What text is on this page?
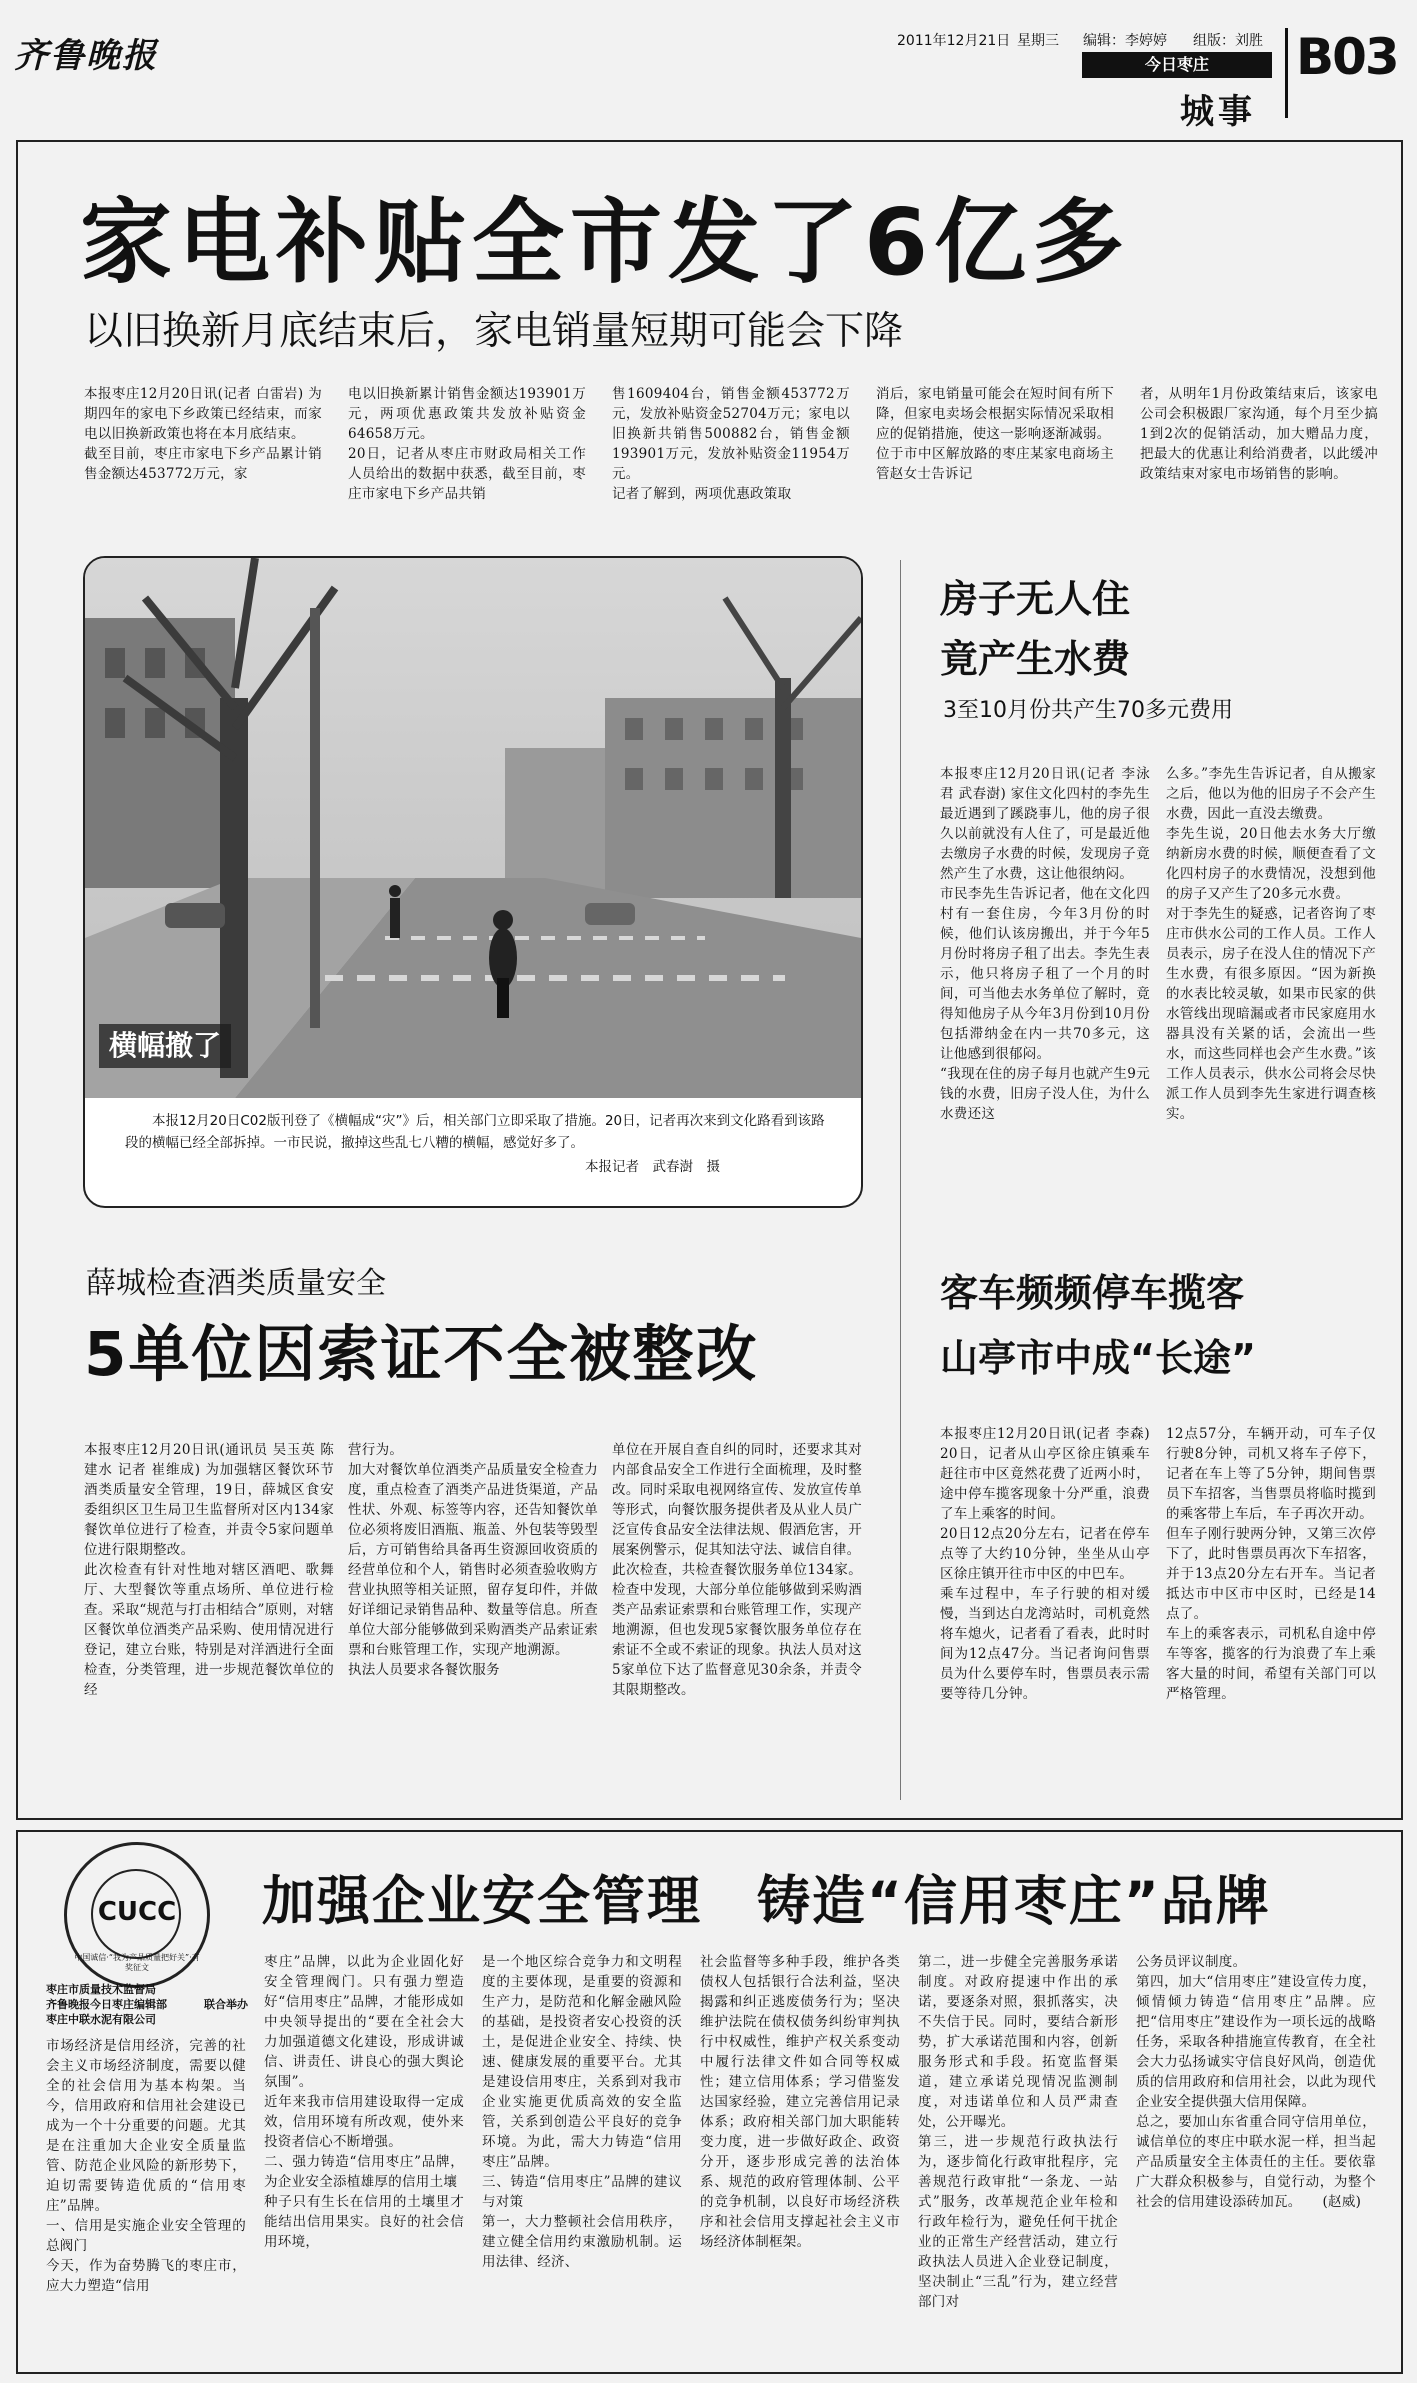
齐鲁晚报	2011年12月21日 星期三 编辑：李婷婷 组版：刘胜
今日枣庄
城事
B03
家电补贴全市发了6亿多
以旧换新月底结束后，家电销量短期可能会下降
本报枣庄12月20日讯(记者 白雷岩) 为期四年的家电下乡政策已经结束，而家电以旧换新政策也将在本月底结束。
截至目前，枣庄市家电下乡产品累计销售金额达453772万元，家
电以旧换新累计销售金额达193901万元，两项优惠政策共发放补贴资金64658万元。
20日，记者从枣庄市财政局相关工作人员给出的数据中获悉，截至目前，枣庄市家电下乡产品共销
售1609404台，销售金额453772万元，发放补贴资金52704万元；家电以旧换新共销售500882台，销售金额193901万元，发放补贴资金11954万元。
记者了解到，两项优惠政策取
消后，家电销量可能会在短时间有所下降，但家电卖场会根据实际情况采取相应的促销措施，使这一影响逐渐减弱。
位于市中区解放路的枣庄某家电商场主管赵女士告诉记
者，从明年1月份政策结束后，该家电公司会积极跟厂家沟通，每个月至少搞1到2次的促销活动，加大赠品力度，把最大的优惠让利给消费者，以此缓冲政策结束对家电市场销售的影响。
横幅撤了
本报12月20日C02版刊登了《横幅成“灾”》后，相关部门立即采取了措施。20日，记者再次来到文化路看到该路段的横幅已经全部拆掉。一市民说，撤掉这些乱七八糟的横幅，感觉好多了。
本报记者　武春澍　摄
薛城检查酒类质量安全
5单位因索证不全被整改
本报枣庄12月20日讯(通讯员 吴玉英 陈建水 记者 崔维成) 为加强辖区餐饮环节酒类质量安全管理，19日，薛城区食安委组织区卫生局卫生监督所对区内134家餐饮单位进行了检查，并责令5家问题单位进行限期整改。
此次检查有针对性地对辖区酒吧、歌舞厅、大型餐饮等重点场所、单位进行检查。采取“规范与打击相结合”原则，对辖区餐饮单位酒类产品采购、使用情况进行登记，建立台账，特别是对洋酒进行全面检查，分类管理，进一步规范餐饮单位的经
营行为。
加大对餐饮单位酒类产品质量安全检查力度，重点检查了酒类产品进货渠道，产品性状、外观、标签等内容，还告知餐饮单位必须将废旧酒瓶、瓶盖、外包装等毁型后，方可销售给具备再生资源回收资质的经营单位和个人，销售时必须查验收购方营业执照等相关证照，留存复印件，并做好详细记录销售品种、数量等信息。所查单位大部分能够做到采购酒类产品索证索票和台账管理工作，实现产地溯源。
执法人员要求各餐饮服务
单位在开展自查自纠的同时，还要求其对内部食品安全工作进行全面梳理，及时整改。同时采取电视网络宣传、发放宣传单等形式，向餐饮服务提供者及从业人员广泛宣传食品安全法律法规、假酒危害，开展案例警示，促其知法守法、诚信自律。
此次检查，共检查餐饮服务单位134家。检查中发现，大部分单位能够做到采购酒类产品索证索票和台账管理工作，实现产地溯源，但也发现5家餐饮服务单位存在索证不全或不索证的现象。执法人员对这5家单位下达了监督意见30余条，并责令其限期整改。
房子无人住
竟产生水费
3至10月份共产生70多元费用
本报枣庄12月20日讯(记者 李泳君 武春澍) 家住文化四村的李先生最近遇到了蹊跷事儿，他的房子很久以前就没有人住了，可是最近他去缴房子水费的时候，发现房子竟然产生了水费，这让他很纳闷。
市民李先生告诉记者，他在文化四村有一套住房，今年3月份的时候，他们认该房搬出，并于今年5月份时将房子租了出去。李先生表示，他只将房子租了一个月的时间，可当他去水务单位了解时，竟得知他房子从今年3月份到10月份包括滞纳金在内一共70多元，这让他感到很郁闷。
“我现在住的房子每月也就产生9元钱的水费，旧房子没人住，为什么水费还这
么多。”李先生告诉记者，自从搬家之后，他以为他的旧房子不会产生水费，因此一直没去缴费。
李先生说，20日他去水务大厅缴纳新房水费的时候，顺便查看了文化四村房子的水费情况，没想到他的房子又产生了20多元水费。
对于李先生的疑惑，记者咨询了枣庄市供水公司的工作人员。工作人员表示，房子在没人住的情况下产生水费，有很多原因。“因为新换的水表比较灵敏，如果市民家的供水管线出现暗漏或者市民家庭用水器具没有关紧的话，会流出一些水，而这些同样也会产生水费。”该工作人员表示，供水公司将会尽快派工作人员到李先生家进行调查核实。
客车频频停车揽客
山亭市中成“长途”
本报枣庄12月20日讯(记者 李森) 20日，记者从山亭区徐庄镇乘车赶往市中区竟然花费了近两小时，途中停车揽客现象十分严重，浪费了车上乘客的时间。
20日12点20分左右，记者在停车点等了大约10分钟，坐坐从山亭区徐庄镇开往市中区的中巴车。
乘车过程中，车子行驶的相对缓慢，当到达白龙湾站时，司机竟然将车熄火，记者看了看表，此时时间为12点47分。当记者询问售票员为什么要停车时，售票员表示需要等待几分钟。
12点57分，车辆开动，可车子仅行驶8分钟，司机又将车子停下，记者在车上等了5分钟，期间售票员下车招客，当售票员将临时揽到的乘客带上车后，车子再次开动。
但车子刚行驶两分钟，又第三次停下了，此时售票员再次下车招客，并于13点20分左右开车。当记者抵达市中区市中区时，已经是14点了。
车上的乘客表示，司机私自途中停车等客，揽客的行为浪费了车上乘客大量的时间，希望有关部门可以严格管理。
CUCC
中国诚信·“我为产品质量把好关”·有奖征文
加强企业安全管理　铸造“信用枣庄”品牌
枣庄市质量技术监督局
齐鲁晚报今日枣庄编辑部
枣庄中联水泥有限公司
联合举办
市场经济是信用经济，完善的社会主义市场经济制度，需要以健全的社会信用为基本构架。当今，信用政府和信用社会建设已成为一个十分重要的问题。尤其是在注重加大企业安全质量监管、防范企业风险的新形势下，迫切需要铸造优质的“信用枣庄”品牌。
一、信用是实施企业安全管理的总阀门
今天，作为奋势腾飞的枣庄市，应大力塑造“信用
枣庄”品牌，以此为企业固化好安全管理阀门。只有强力塑造好“信用枣庄”品牌，才能形成如中央领导提出的“要在全社会大力加强道德文化建设，形成讲诚信、讲责任、讲良心的强大舆论氛围”。
近年来我市信用建设取得一定成效，信用环境有所改观，使外来投资者信心不断增强。
二、强力铸造“信用枣庄”品牌，为企业安全添植雄厚的信用土壤
种子只有生长在信用的土壤里才能结出信用果实。良好的社会信用环境，
是一个地区综合竞争力和文明程度的主要体现，是重要的资源和生产力，是防范和化解金融风险的基础，是投资者安心投资的沃土，是促进企业安全、持续、快速、健康发展的重要平台。尤其是建设信用枣庄，关系到对我市企业实施更优质高效的安全监管，关系到创造公平良好的竞争环境。为此，需大力铸造“信用枣庄”品牌。
三、铸造“信用枣庄”品牌的建议与对策
第一，大力整顿社会信用秩序，建立健全信用约束激励机制。运用法律、经济、
社会监督等多种手段，维护各类债权人包括银行合法利益，坚决揭露和纠正逃废债务行为；坚决维护法院在债权债务纠纷审判执行中权威性，维护产权关系变动中履行法律文件如合同等权威性；建立信用体系；学习借鉴发达国家经验，建立完善信用记录体系；政府相关部门加大职能转变力度，进一步做好政企、政资分开，逐步形成完善的法治体系、规范的政府管理体制、公平的竞争机制，以良好市场经济秩序和社会信用支撑起社会主义市场经济体制框架。
第二，进一步健全完善服务承诺制度。对政府提速中作出的承诺，要逐条对照，狠抓落实，决不失信于民。同时，要结合新形势，扩大承诺范围和内容，创新服务形式和手段。拓宽监督渠道，建立承诺兑现情况监测制度，对违诺单位和人员严肃查处，公开曝光。
第三，进一步规范行政执法行为，逐步简化行政审批程序，完善规范行政审批“一条龙、一站式”服务，改革规范企业年检和行政年检行为，避免任何干扰企业的正常生产经营活动，建立行政执法人员进入企业登记制度，坚决制止“三乱”行为，建立经营部门对
公务员评议制度。
第四，加大“信用枣庄”建设宣传力度，倾情倾力铸造“信用枣庄”品牌。应把“信用枣庄”建设作为一项长远的战略任务，采取各种措施宣传教育，在全社会大力弘扬诚实守信良好风尚，创造优质的信用政府和信用社会，以此为现代企业安全提供强大信用保障。
总之，要加山东省重合同守信用单位，诚信单位的枣庄中联水泥一样，担当起产品质量安全主体责任的主任。要依靠广大群众积极参与，自觉行动，为整个社会的信用建设添砖加瓦。　　(赵威)
